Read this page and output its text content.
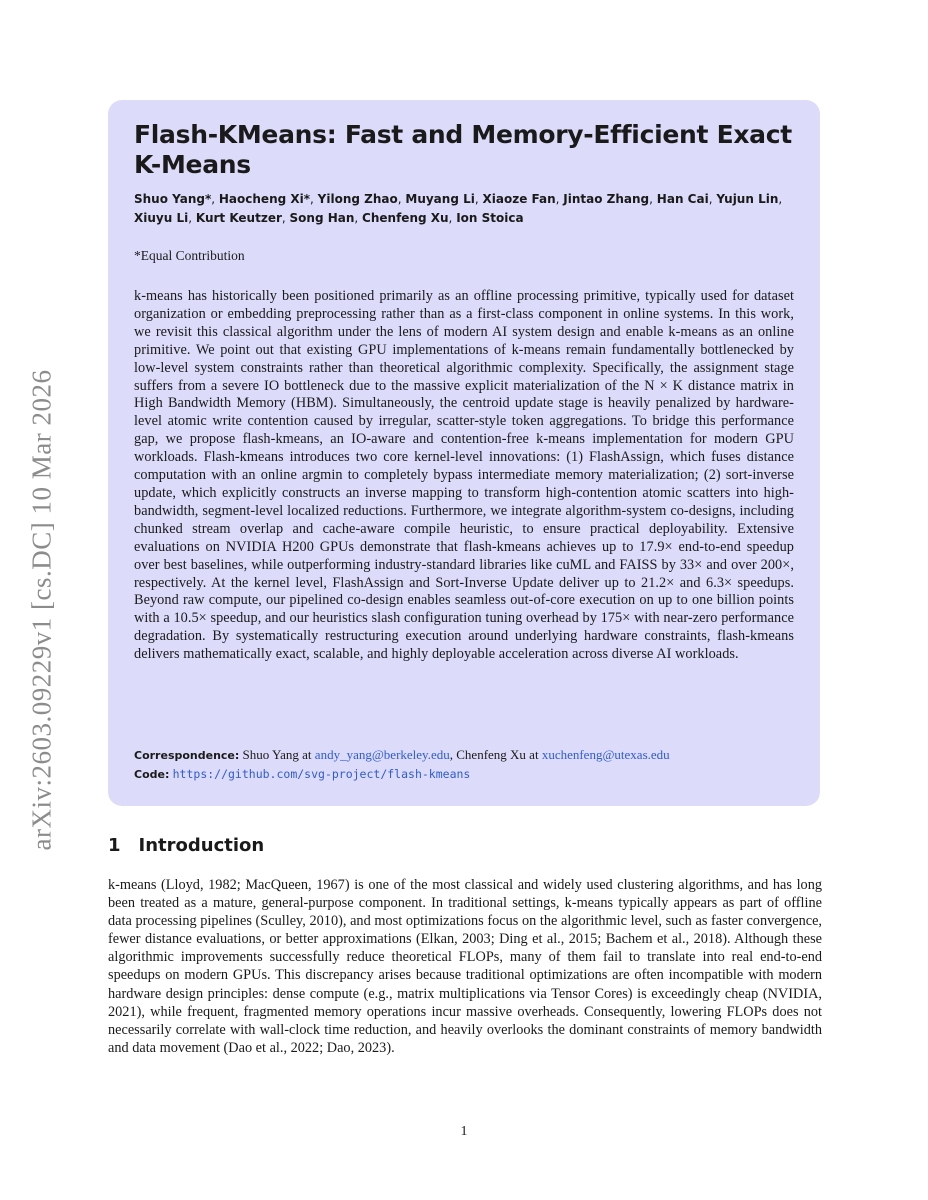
arXiv:2603.09229v1 [cs.DC] 10 Mar 2026
Flash-KMeans: Fast and Memory-Efficient Exact K-Means
Shuo Yang*, Haocheng Xi*, Yilong Zhao, Muyang Li, Xiaoze Fan, Jintao Zhang, Han Cai, Yujun Lin, Xiuyu Li, Kurt Keutzer, Song Han, Chenfeng Xu, Ion Stoica
*Equal Contribution
k-means has historically been positioned primarily as an offline processing primitive, typically used for dataset organization or embedding preprocessing rather than as a first-class component in online systems. In this work, we revisit this classical algorithm under the lens of modern AI system design and enable k-means as an online primitive. We point out that existing GPU implementations of k-means remain fundamentally bottlenecked by low-level system constraints rather than theoretical algorithmic complexity. Specifically, the assignment stage suffers from a severe IO bottleneck due to the massive explicit materialization of the N × K distance matrix in High Bandwidth Memory (HBM). Simultaneously, the centroid update stage is heavily penalized by hardware-level atomic write contention caused by irregular, scatter-style token aggregations. To bridge this performance gap, we propose flash-kmeans, an IO-aware and contention-free k-means implementation for modern GPU workloads. Flash-kmeans introduces two core kernel-level innovations: (1) FlashAssign, which fuses distance computation with an online argmin to completely bypass intermediate memory materialization; (2) sort-inverse update, which explicitly constructs an inverse mapping to transform high-contention atomic scatters into high-bandwidth, segment-level localized reductions. Furthermore, we integrate algorithm-system co-designs, including chunked stream overlap and cache-aware compile heuristic, to ensure practical deployability. Extensive evaluations on NVIDIA H200 GPUs demonstrate that flash-kmeans achieves up to 17.9× end-to-end speedup over best baselines, while outperforming industry-standard libraries like cuML and FAISS by 33× and over 200×, respectively. At the kernel level, FlashAssign and Sort-Inverse Update deliver up to 21.2× and 6.3× speedups. Beyond raw compute, our pipelined co-design enables seamless out-of-core execution on up to one billion points with a 10.5× speedup, and our heuristics slash configuration tuning overhead by 175× with near-zero performance degradation. By systematically restructuring execution around underlying hardware constraints, flash-kmeans delivers mathematically exact, scalable, and highly deployable acceleration across diverse AI workloads.
Correspondence: Shuo Yang at andy_yang@berkeley.edu, Chenfeng Xu at xuchenfeng@utexas.edu
Code: https://github.com/svg-project/flash-kmeans
1 Introduction
k-means (Lloyd, 1982; MacQueen, 1967) is one of the most classical and widely used clustering algorithms, and has long been treated as a mature, general-purpose component. In traditional settings, k-means typically appears as part of offline data processing pipelines (Sculley, 2010), and most optimizations focus on the algorithmic level, such as faster convergence, fewer distance evaluations, or better approximations (Elkan, 2003; Ding et al., 2015; Bachem et al., 2018). Although these algorithmic improvements successfully reduce theoretical FLOPs, many of them fail to translate into real end-to-end speedups on modern GPUs. This discrepancy arises because traditional optimizations are often incompatible with modern hardware design principles: dense compute (e.g., matrix multiplications via Tensor Cores) is exceedingly cheap (NVIDIA, 2021), while frequent, fragmented memory operations incur massive overheads. Consequently, lowering FLOPs does not necessarily correlate with wall-clock time reduction, and heavily overlooks the dominant constraints of memory bandwidth and data movement (Dao et al., 2022; Dao, 2023).
1
